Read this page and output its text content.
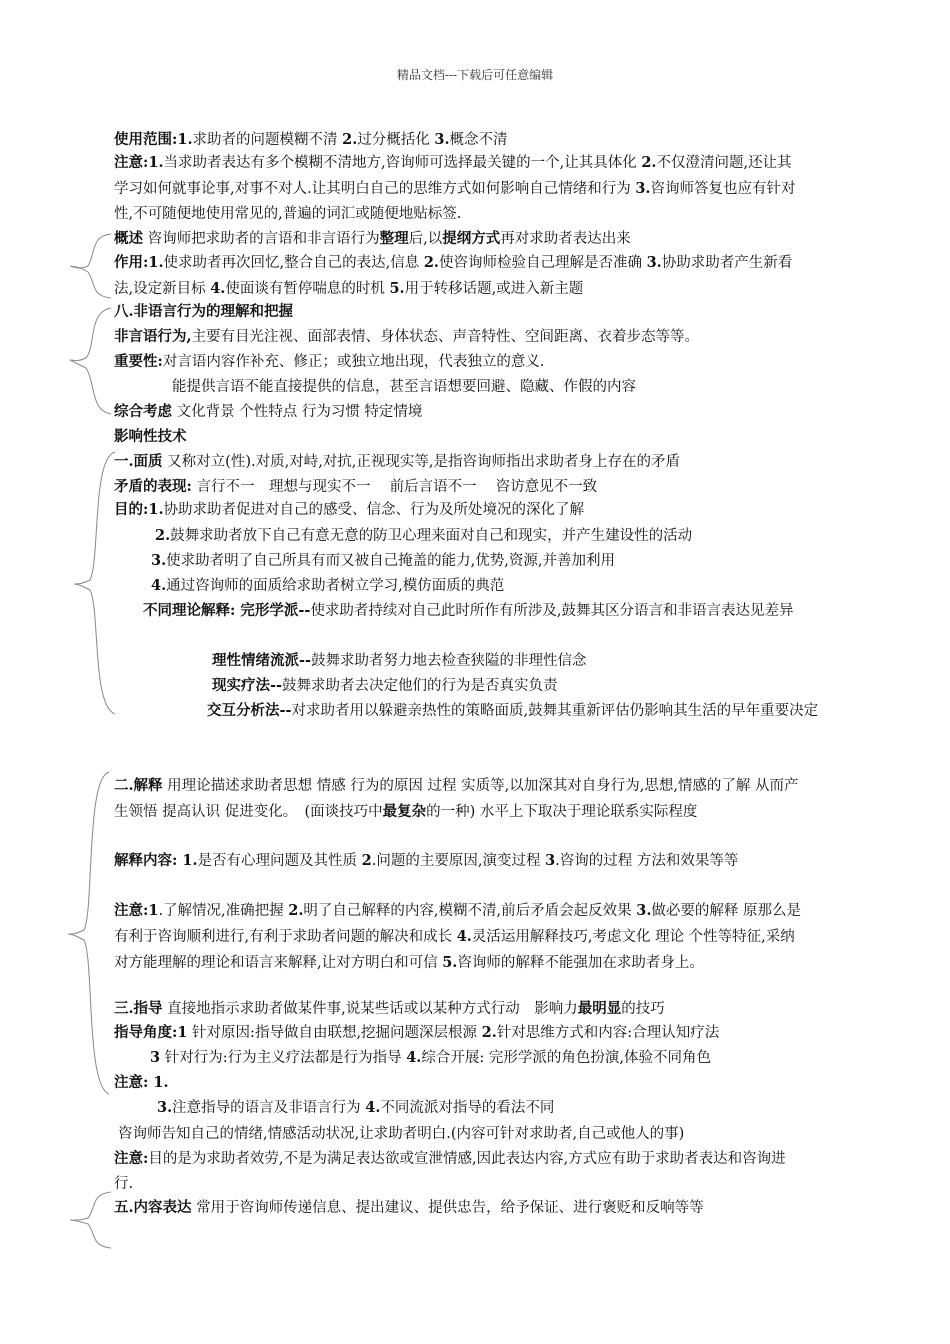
精品文档---下载后可任意编辑
使用范围:1.求助者的问题模糊不清 2.过分概括化 3.概念不清
注意:1.当求助者表达有多个模糊不清地方,咨询师可选择最关键的一个,让其具体化 2.不仅澄清问题,还让其学习如何就事论事,对事不对人.让其明白自己的思维方式如何影响自己情绪和行为 3.咨询师答复也应有针对性,不可随便地使用常见的,普遍的词汇或随便地贴标签.
概述 咨询师把求助者的言语和非言语行为整理后,以提纲方式再对求助者表达出来
作用:1.使求助者再次回忆,整合自己的表达,信息 2.使咨询师检验自己理解是否准确 3.协助求助者产生新看法,设定新目标 4.使面谈有暂停喘息的时机 5.用于转移话题,或进入新主题
八.非语言行为的理解和把握
非言语行为,主要有目光注视、面部表情、身体状态、声音特性、空间距离、衣着步态等等。
重要性:对言语内容作补充、修正；或独立地出现，代表独立的意义.
能提供言语不能直接提供的信息，甚至言语想要回避、隐藏、作假的内容
综合考虑 文化背景 个性特点 行为习惯 特定情境
影响性技术
一.面质 又称对立(性).对质,对峙,对抗,正视现实等,是指咨询师指出求助者身上存在的矛盾
矛盾的表现: 言行不一　理想与现实不一　 前后言语不一　 咨访意见不一致
目的:1.协助求助者促进对自己的感受、信念、行为及所处境况的深化了解
2.鼓舞求助者放下自己有意无意的防卫心理来面对自己和现实，并产生建设性的活动
3.使求助者明了自己所具有而又被自己掩盖的能力,优势,资源,并善加利用
4.通过咨询师的面质给求助者树立学习,模仿面质的典范
不同理论解释: 完形学派--使求助者持续对自己此时所作有所涉及,鼓舞其区分语言和非语言表达见差异
理性情绪流派--鼓舞求助者努力地去检查狭隘的非理性信念
现实疗法--鼓舞求助者去决定他们的行为是否真实负责
交互分析法--对求助者用以躲避亲热性的策略面质,鼓舞其重新评估仍影响其生活的早年重要决定
二.解释 用理论描述求助者思想 情感 行为的原因 过程 实质等,以加深其对自身行为,思想,情感的了解 从而产生领悟 提高认识 促进变化。　(面谈技巧中最复杂的一种) 水平上下取决于理论联系实际程度
解释内容: 1.是否有心理问题及其性质 2.问题的主要原因,演变过程 3.咨询的过程 方法和效果等等
注意:1.了解情况,准确把握 2.明了自己解释的内容,模糊不清,前后矛盾会起反效果 3.做必要的解释 原那么是有利于咨询顺利进行,有利于求助者问题的解决和成长 4.灵活运用解释技巧,考虑文化 理论 个性等特征,采纳对方能理解的理论和语言来解释,让对方明白和可信 5.咨询师的解释不能强加在求助者身上。
三.指导 直接地指示求助者做某件事,说某些话或以某种方式行动　影响力最明显的技巧
指导角度:1 针对原因:指导做自由联想,挖掘问题深层根源 2.针对思维方式和内容:合理认知疗法
3 针对行为:行为主义疗法都是行为指导 4.综合开展: 完形学派的角色扮演,体验不同角色
注意: 1.
3.注意指导的语言及非语言行为 4.不同流派对指导的看法不同
咨询师告知自己的情绪,情感活动状况,让求助者明白.(内容可针对求助者,自己或他人的事)
注意:目的是为求助者效劳,不是为满足表达欲或宣泄情感,因此表达内容,方式应有助于求助者表达和咨询进行.
五.内容表达 常用于咨询师传递信息、提出建议、提供忠告，给予保证、进行褒贬和反响等等
